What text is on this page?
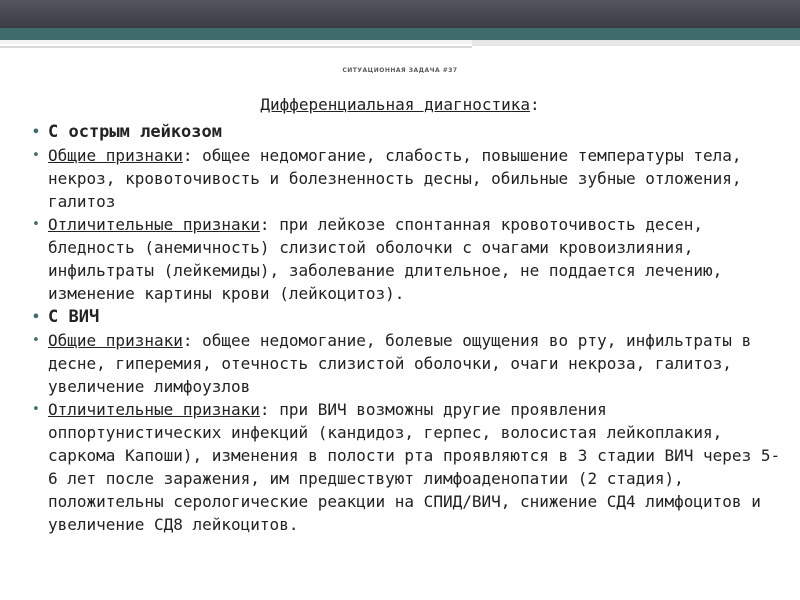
СИТУАЦИОННАЯ ЗАДАЧА #37
Дифференциальная диагностика:
• С острым лейкозом
• Общие признаки: общее недомогание, слабость, повышение температуры тела, некроз, кровоточивость и болезненность десны, обильные зубные отложения, галитоз
• Отличительные признаки: при лейкозе спонтанная кровоточивость десен, бледность (анемичность) слизистой оболочки с очагами кровоизлияния, инфильтраты (лейкемиды), заболевание длительное, не поддается лечению, изменение картины крови (лейкоцитоз).
• С ВИЧ
• Общие признаки: общее недомогание, болевые ощущения во рту, инфильтраты в десне, гиперемия, отечность слизистой оболочки, очаги некроза, галитоз, увеличение лимфоузлов
• Отличительные признаки: при ВИЧ возможны другие проявления оппортунистических инфекций (кандидоз, герпес, волосистая лейкоплакия, саркома Капоши), изменения в полости рта проявляются в 3 стадии ВИЧ через 5-6 лет после заражения, им предшествуют лимфоаденопатии (2 стадия), положительны серологические реакции на СПИД/ВИЧ, снижение СД4 лимфоцитов и увеличение СД8 лейкоцитов.
